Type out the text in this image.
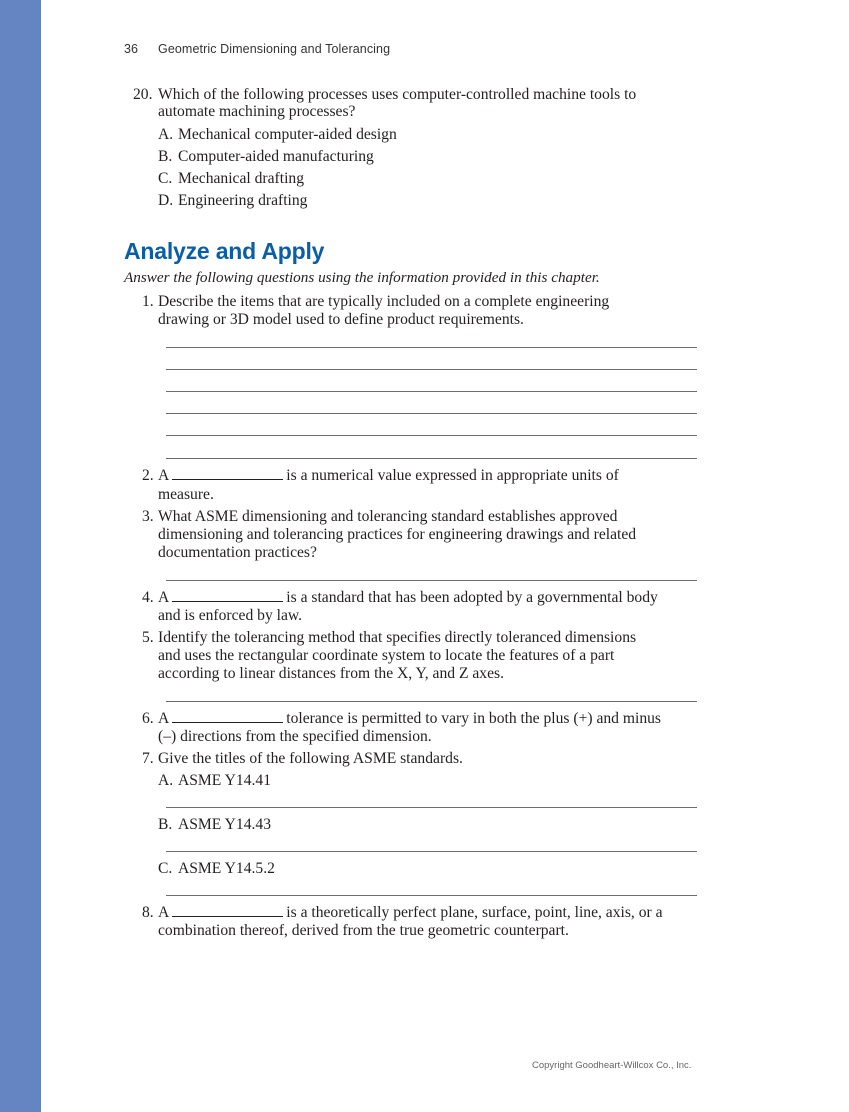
36 Geometric Dimensioning and Tolerancing
20. Which of the following processes uses computer-controlled machine tools to
automate machining processes?
A. Mechanical computer-aided design
B. Computer-aided manufacturing
C. Mechanical drafting
D. Engineering drafting
Analyze and Apply
Answer the following questions using the information provided in this chapter.
1. Describe the items that are typically included on a complete engineering
drawing or 3D model used to define product requirements.
2. A	is a numerical value expressed in appropriate units of
measure.
3. What ASME dimensioning and tolerancing standard establishes approved
dimensioning and tolerancing practices for engineering drawings and related
documentation practices?
4. A	is a standard that has been adopted by a governmental body
and is enforced by law.
5. Identify the tolerancing method that specifies directly toleranced dimensions
and uses the rectangular coordinate system to locate the features of a part
according to linear distances from the X, Y, and Z axes.
6. A	tolerance is permitted to vary in both the plus (+) and minus
(–) directions from the specified dimension.
7. Give the titles of the following ASME standards.
A. ASME Y14.41
B. ASME Y14.43
C. ASME Y14.5.2
8. A	is a theoretically perfect plane, surface, point, line, axis, or a
combination thereof, derived from the true geometric counterpart.
Copyright Goodheart-Willcox Co., Inc.
